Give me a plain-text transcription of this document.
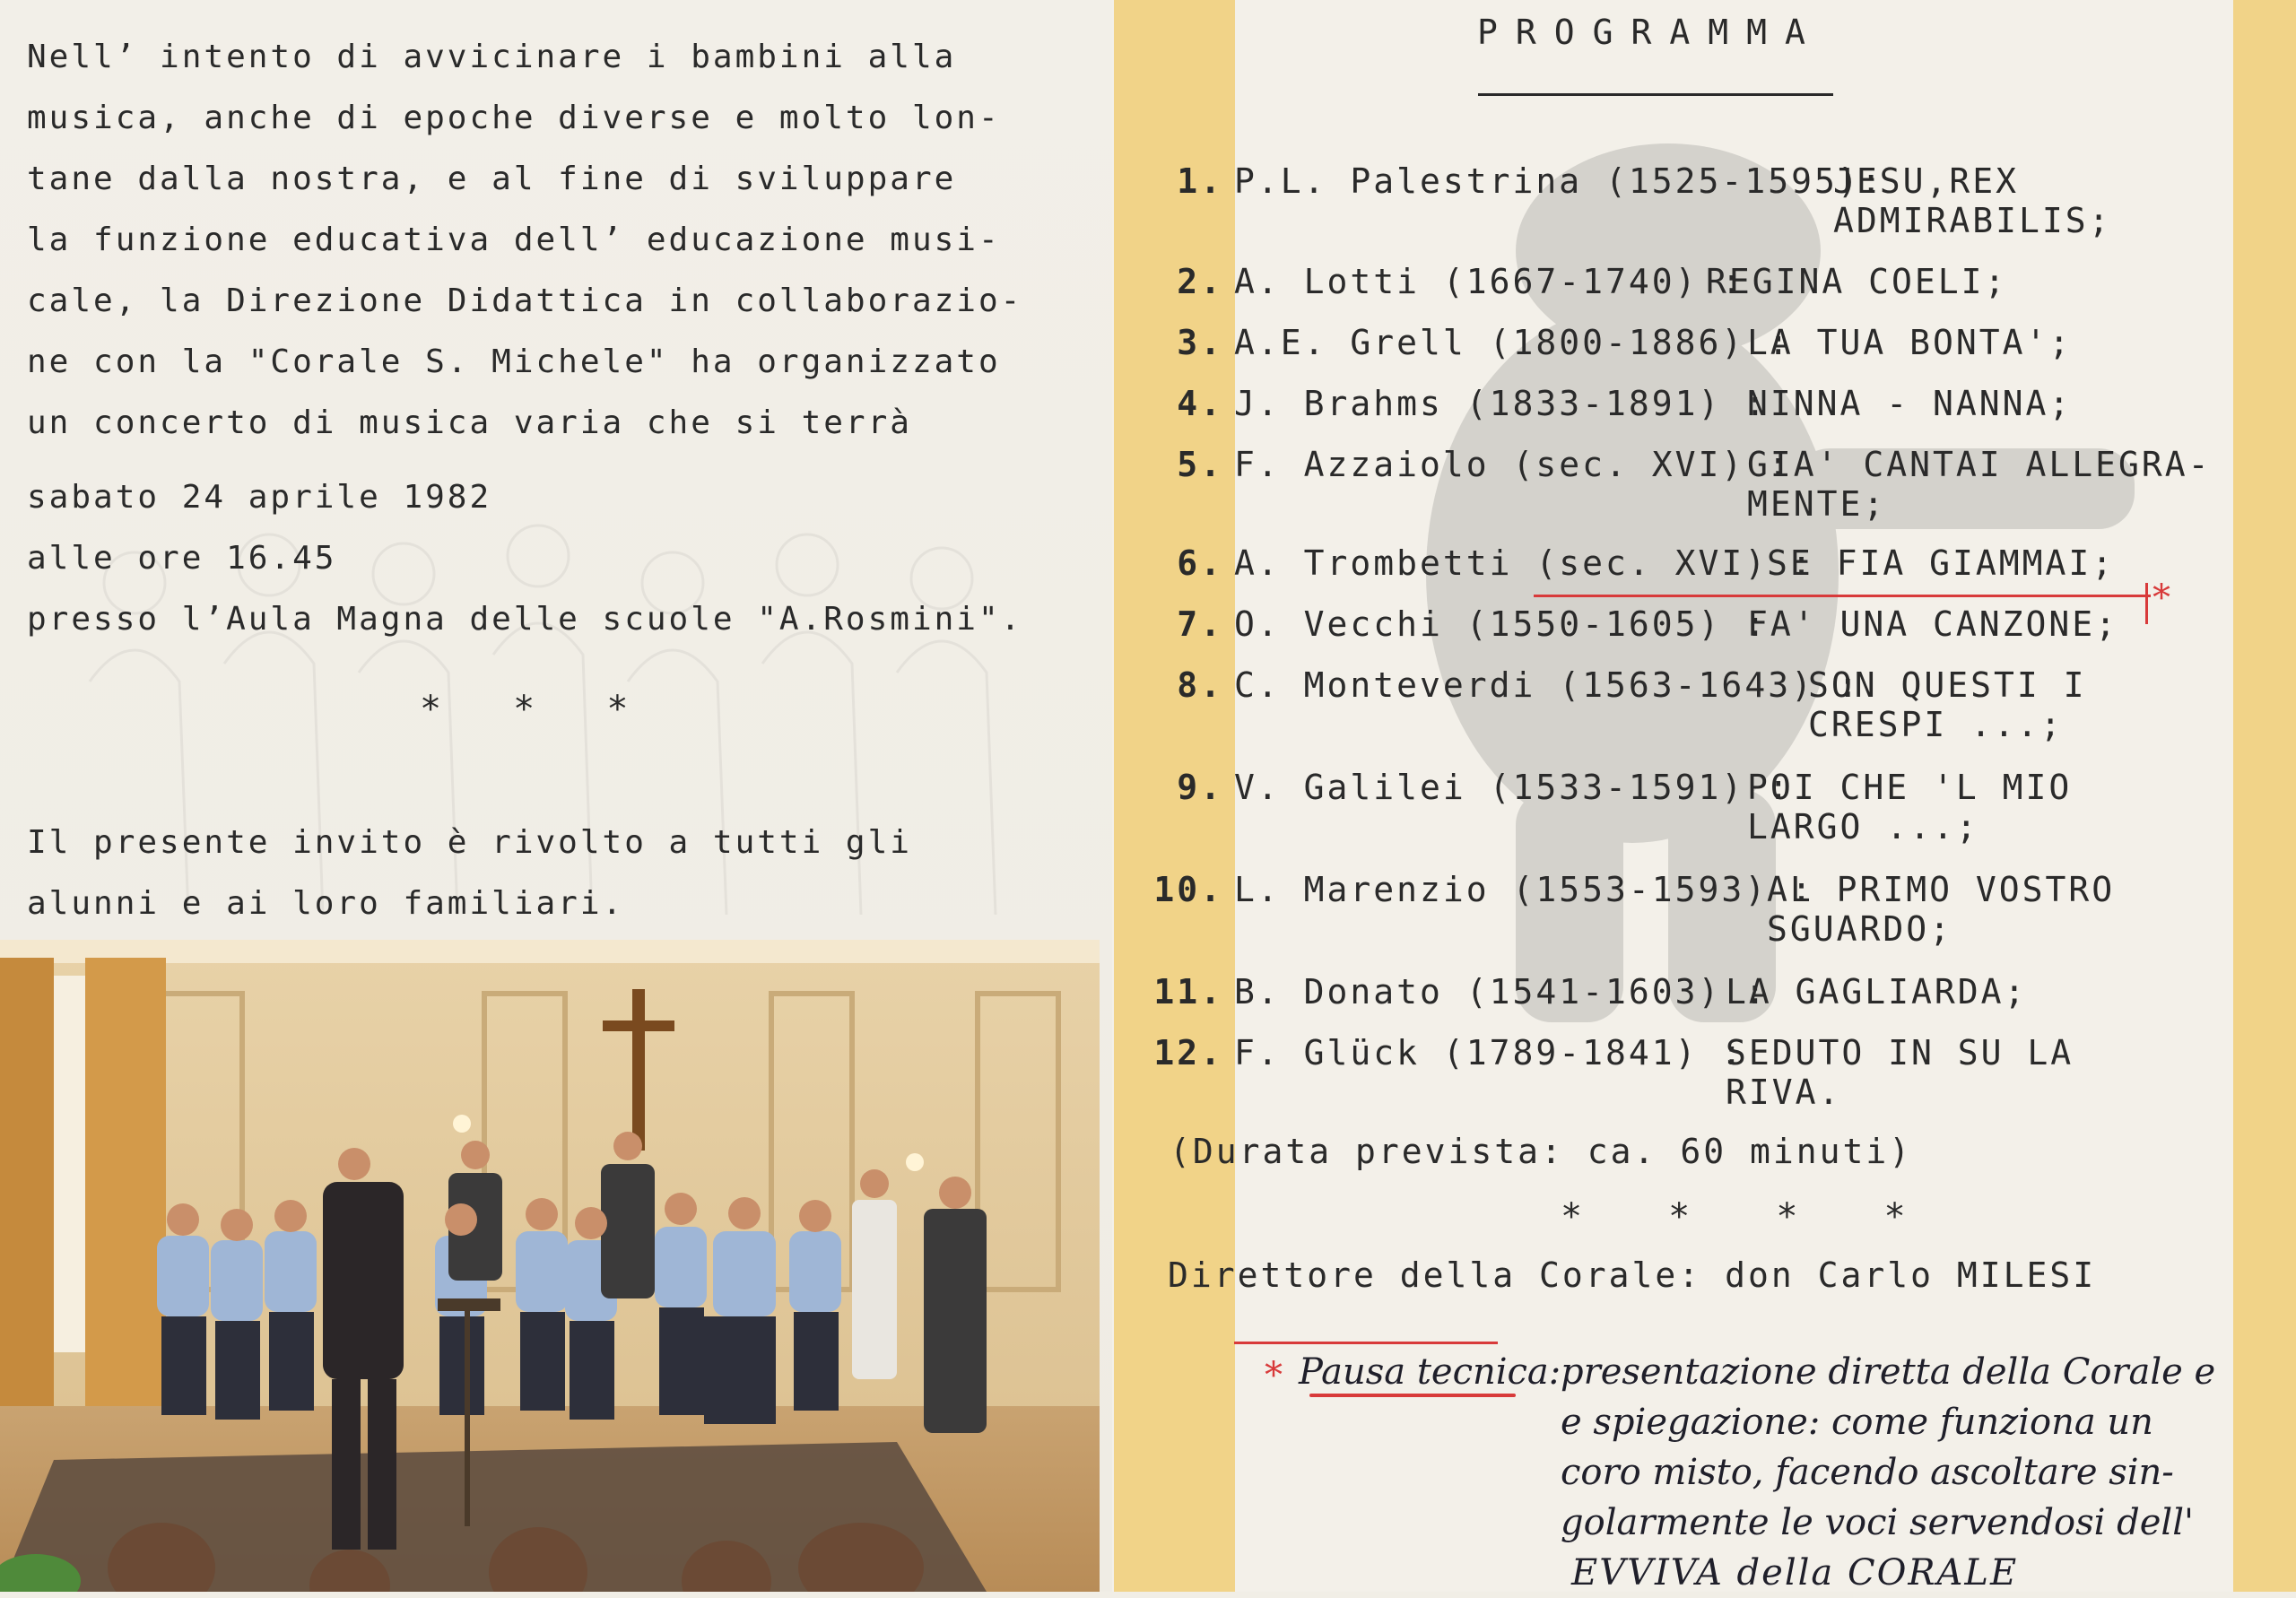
Nell’ intento di avvicinare i bambini alla

musica, anche di epoche diverse e molto lon-

tane dalla nostra, e al fine di sviluppare

la funzione educativa dell’ educazione musi-

cale, la Direzione Didattica in collaborazio-

ne con la "Corale S. Michele" ha organizzato

un concerto di musica varia che si terrà

sabato 24 aprile 1982

alle ore 16.45

presso l’Aula Magna delle scuole "A.Rosmini".

* * *

Il presente invito è rivolto a tutti gli

alunni e ai loro familiari.

PROGRAMMA
1. P.L. Palestrina (1525-1595):
JESU,REX
ADMIRABILIS;
2. A. Lotti (1667-1740) :
REGINA COELI;
3. A.E. Grell (1800-1886) :
LA TUA BONTA';
4. J. Brahms (1833-1891) :
NINNA - NANNA;
5. F. Azzaiolo (sec. XVI) :
GIA' CANTAI ALLEGRA-
MENTE;
6. A. Trombetti (sec. XVI) :
SE FIA GIAMMAI;
7. O. Vecchi (1550-1605) :
FA' UNA CANZONE;
8. C. Monteverdi (1563-1643) :
SON QUESTI I
CRESPI ...;
9. V. Galilei (1533-1591) :
POI CHE 'L MIO
LARGO ...;
10. L. Marenzio (1553-1593) :
AL PRIMO VOSTRO
SGUARDO;
11. B. Donato (1541-1603) :
LA GAGLIARDA;
12. F. Glück (1789-1841) :
SEDUTO IN SU LA
RIVA.
(Durata prevista: ca. 60 minuti)
* * * *
Direttore della Corale: don Carlo MILESI
*
* Pausa tecnica: presentazione diretta della Corale e
e spiegazione: come funziona un
coro misto, facendo ascoltare sin-
golarmente le voci servendosi dell'
EVVIVA della CORALE
